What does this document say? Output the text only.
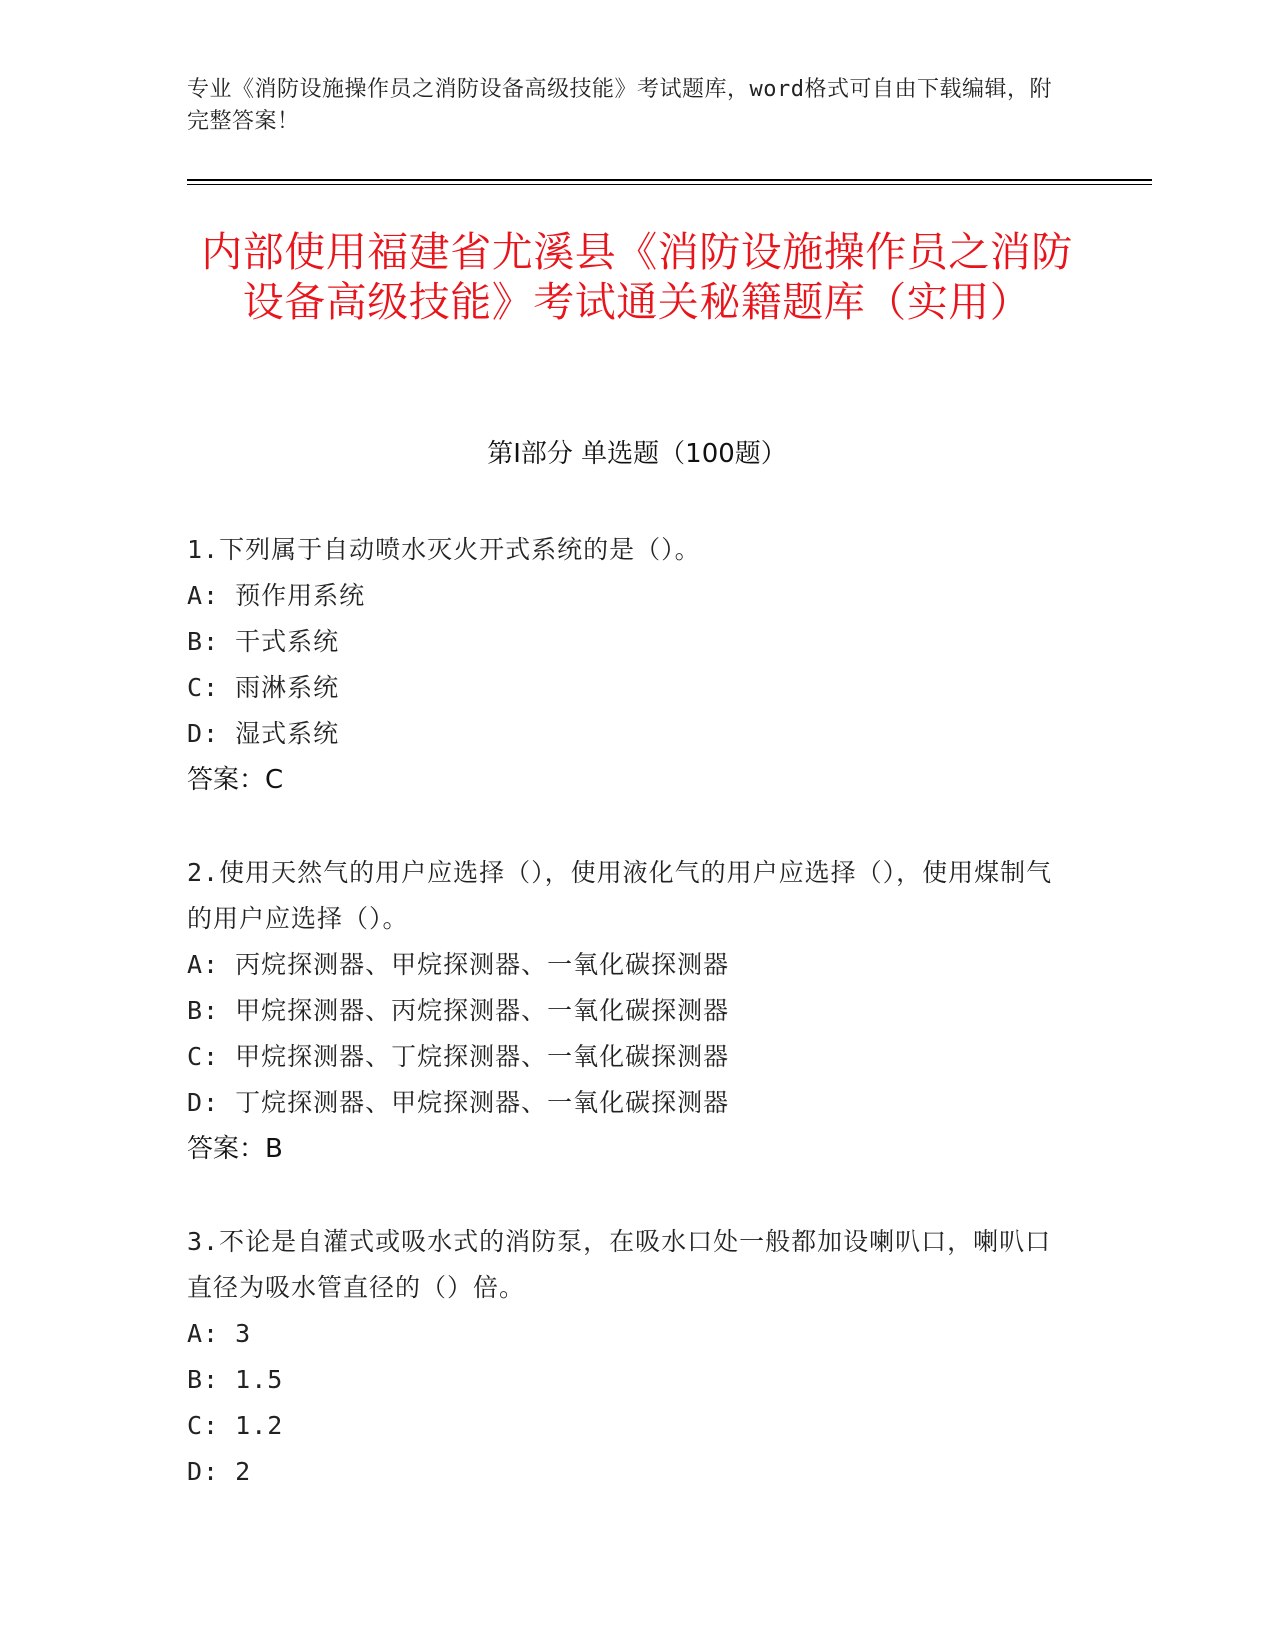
专业《消防设施操作员之消防设备高级技能》考试题库，word格式可自由下载编辑，附完整答案！
内部使用福建省尤溪县《消防设施操作员之消防设备高级技能》考试通关秘籍题库（实用）
第Ⅰ部分 单选题（100题）
1.下列属于自动喷水灭火开式系统的是（）。
A: 预作用系统
B: 干式系统
C: 雨淋系统
D: 湿式系统
答案：C
2.使用天然气的用户应选择（），使用液化气的用户应选择（），使用煤制气的用户应选择（）。
A: 丙烷探测器、甲烷探测器、一氧化碳探测器
B: 甲烷探测器、丙烷探测器、一氧化碳探测器
C: 甲烷探测器、丁烷探测器、一氧化碳探测器
D: 丁烷探测器、甲烷探测器、一氧化碳探测器
答案：B
3.不论是自灌式或吸水式的消防泵，在吸水口处一般都加设喇叭口，喇叭口直径为吸水管直径的（）倍。
A: 3
B: 1.5
C: 1.2
D: 2
